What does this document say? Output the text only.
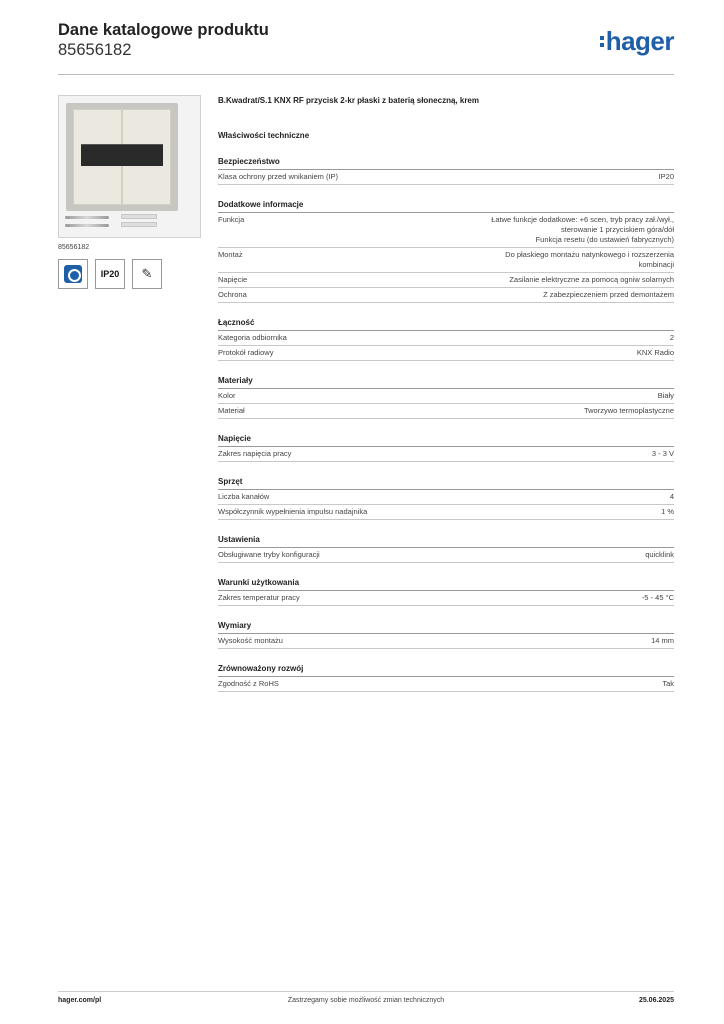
Dane katalogowe produktu
85656182	hager
85656182
IP20 ✎
B.Kwadrat/S.1 KNX RF przycisk 2-kr płaski z baterią słoneczną, krem
Właściwości techniczne
Bezpieczeństwo
Klasa ochrony przed wnikaniem (IP)	IP20
Dodatkowe informacje
Funkcja	Łatwe funkcje dodatkowe: +6 scen, tryb pracy zał./wył.,
sterowanie 1 przyciskiem góra/dół
Funkcja resetu (do ustawień fabrycznych)
Montaż	Do płaskiego montażu natynkowego i rozszerzenia
kombinacji
Napięcie	Zasilanie elektryczne za pomocą ogniw solarnych
Ochrona	Z zabezpieczeniem przed demontażem
Łączność
Kategoria odbiornika	2
Protokół radiowy	KNX Radio
Materiały
Kolor	Biały
Materiał	Tworzywo termoplastyczne
Napięcie
Zakres napięcia pracy	3 - 3 V
Sprzęt
Liczba kanałów	4
Współczynnik wypełnienia impulsu nadajnika	1 %
Ustawienia
Obsługiwane tryby konfiguracji	quicklink
Warunki użytkowania
Zakres temperatur pracy	-5 - 45 °C
Wymiary
Wysokość montażu	14 mm
Zrównoważony rozwój
Zgodność z RoHS	Tak
hager.com/pl	Zastrzegamy sobie możliwość zmian technicznych	25.06.2025
